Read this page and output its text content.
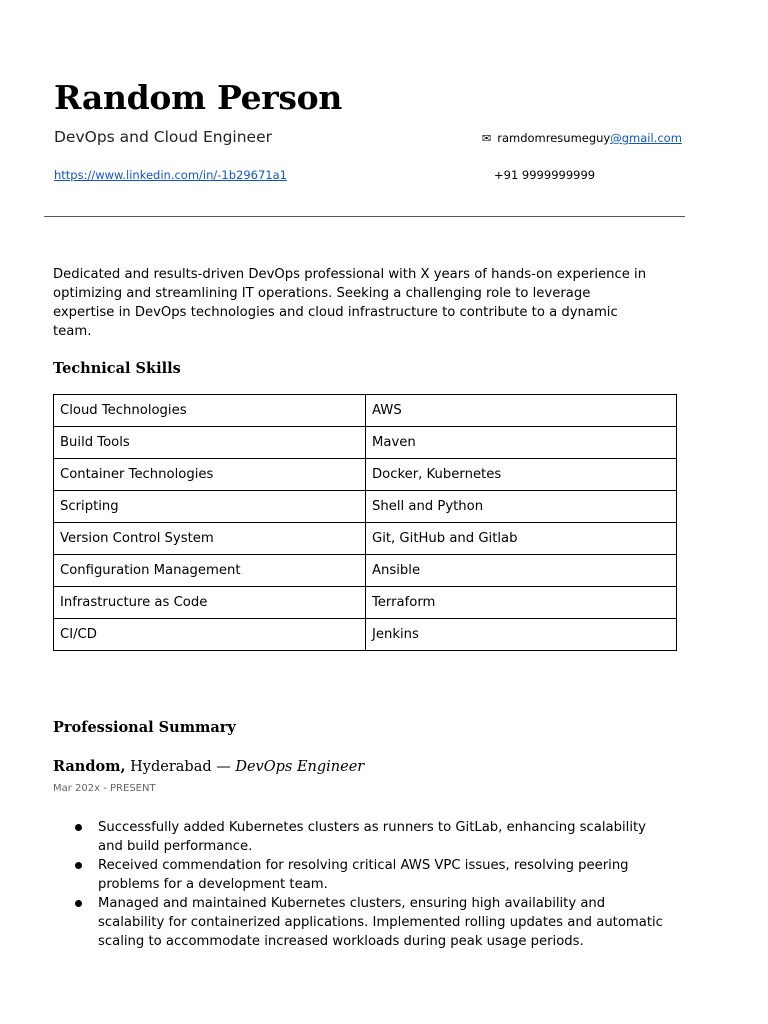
Random Person
DevOps and Cloud Engineer	✉ ramdomresumeguy@gmail.com
https://www.linkedin.com/in/-1b29671a1	+91 9999999999

Dedicated and results-driven DevOps professional with X years of hands-on experience in optimizing and streamlining IT operations. Seeking a challenging role to leverage expertise in DevOps technologies and cloud infrastructure to contribute to a dynamic team.

Technical Skills
Cloud Technologies	AWS
Build Tools	Maven
Container Technologies	Docker, Kubernetes
Scripting	Shell and Python
Version Control System	Git, GitHub and Gitlab
Configuration Management	Ansible
Infrastructure as Code	Terraform
CI/CD	Jenkins
Professional Summary
Random, Hyderabad — DevOps Engineer
Mar 202x - PRESENT
Successfully added Kubernetes clusters as runners to GitLab, enhancing scalability and build performance.
Received commendation for resolving critical AWS VPC issues, resolving peering problems for a development team.
Managed and maintained Kubernetes clusters, ensuring high availability and scalability for containerized applications. Implemented rolling updates and automatic scaling to accommodate increased workloads during peak usage periods.
